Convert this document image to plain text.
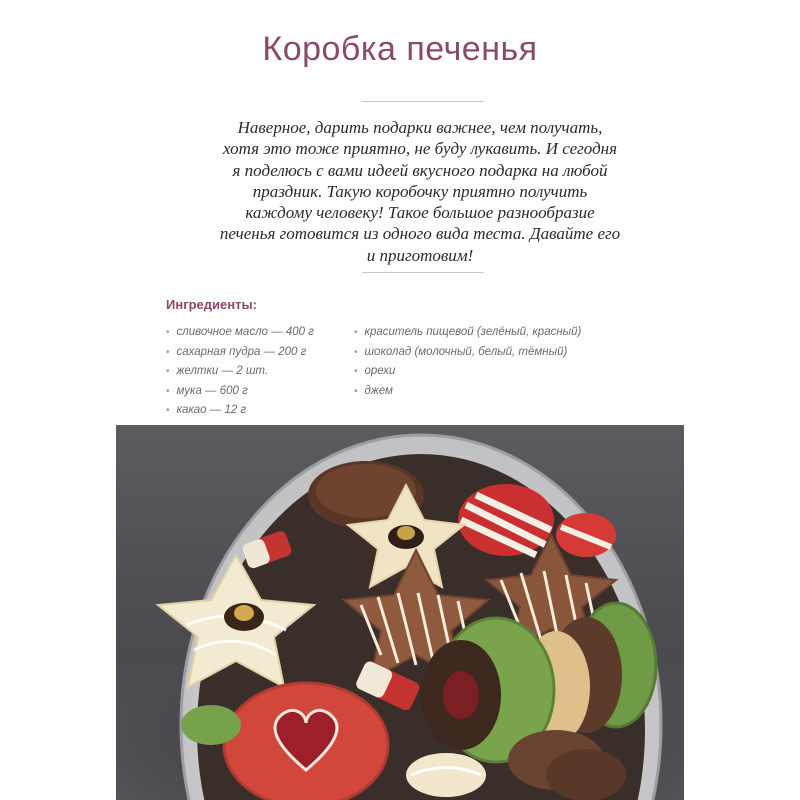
Коробка печенья
Наверное, дарить подарки важнее, чем получать,
хотя это тоже приятно, не буду лукавить. И сегодня
я поделюсь с вами идеей вкусного подарка на любой
праздник. Такую коробочку приятно получить
каждому человеку! Такое большое разнообразие
печенья готовится из одного вида теста. Давайте его
и приготовим!
Ингредиенты:
• сливочное масло — 400 г
• сахарная пудра — 200 г
• желтки — 2 шт.
• мука — 600 г
• какао — 12 г
• краситель пищевой (зелёный, красный)
• шоколад (молочный, белый, тёмный)
• орехи
• джем
